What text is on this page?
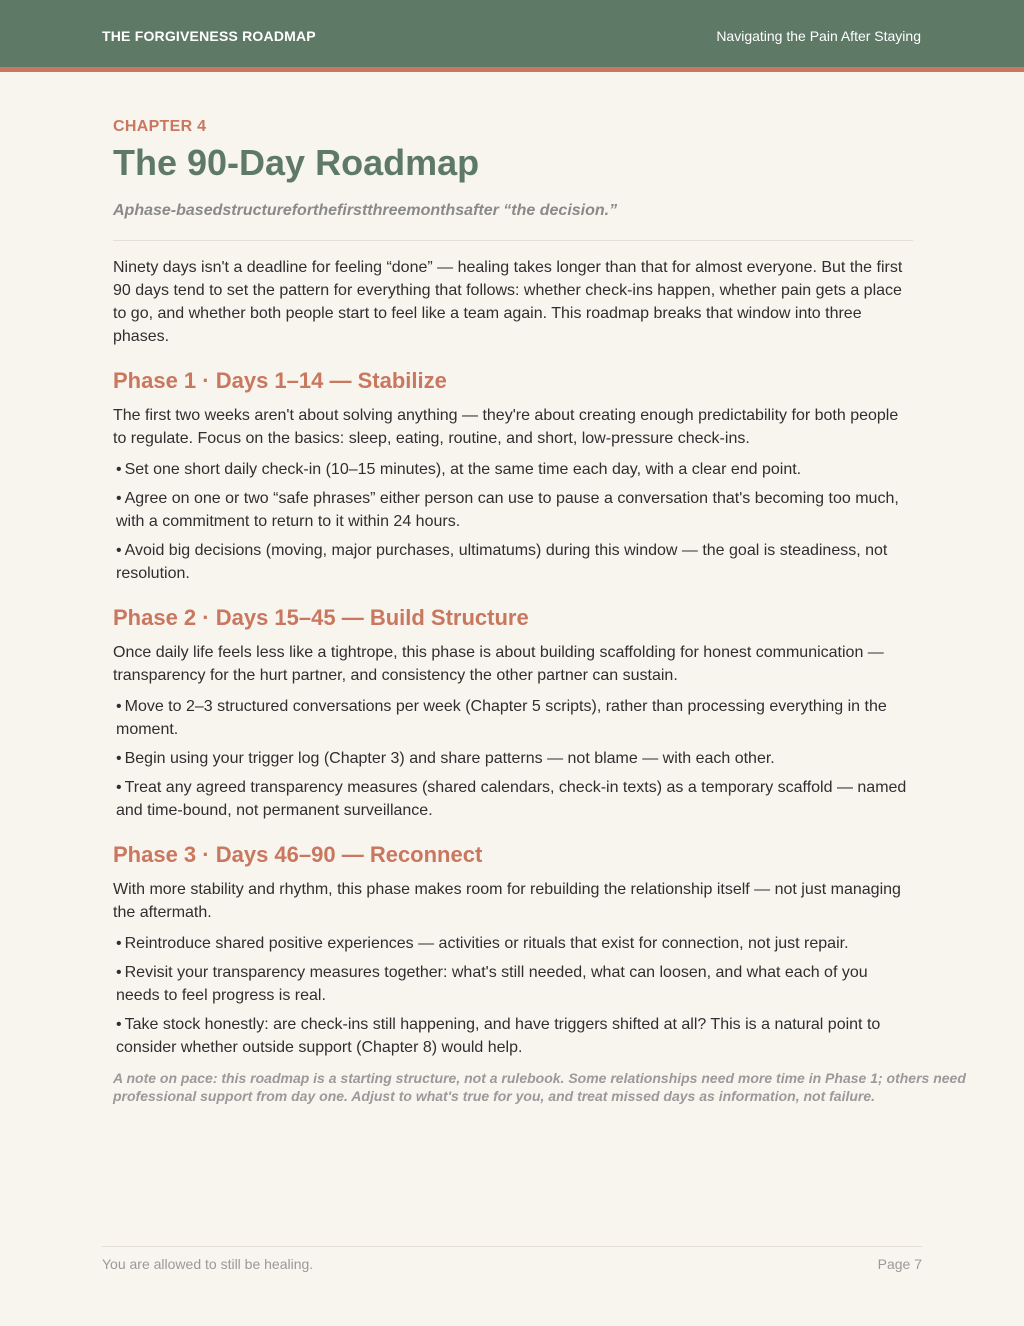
THE FORGIVENESS ROADMAP	Navigating the Pain After Staying
CHAPTER 4
The 90-Day Roadmap
Aphase-basedstructureforthefirstthreemonthsafter “the decision.”

Ninety days isn't a deadline for feeling “done” — healing takes longer than that for almost everyone. But the first 90 days tend to set the pattern for everything that follows: whether check-ins happen, whether pain gets a place to go, and whether both people start to feel like a team again. This roadmap breaks that window into three phases.

Phase 1 · Days 1–14 — Stabilize

The first two weeks aren't about solving anything — they're about creating enough predictability for both people to regulate. Focus on the basics: sleep, eating, routine, and short, low-pressure check-ins.

• Set one short daily check-in (10–15 minutes), at the same time each day, with a clear end point.
• Agree on one or two “safe phrases” either person can use to pause a conversation that's becoming too much, with a commitment to return to it within 24 hours.
• Avoid big decisions (moving, major purchases, ultimatums) during this window — the goal is steadiness, not resolution.
Phase 2 · Days 15–45 — Build Structure

Once daily life feels less like a tightrope, this phase is about building scaffolding for honest communication — transparency for the hurt partner, and consistency the other partner can sustain.

• Move to 2–3 structured conversations per week (Chapter 5 scripts), rather than processing everything in the moment.
• Begin using your trigger log (Chapter 3) and share patterns — not blame — with each other.
• Treat any agreed transparency measures (shared calendars, check-in texts) as a temporary scaffold — named and time-bound, not permanent surveillance.
Phase 3 · Days 46–90 — Reconnect

With more stability and rhythm, this phase makes room for rebuilding the relationship itself — not just managing the aftermath.

• Reintroduce shared positive experiences — activities or rituals that exist for connection, not just repair.
• Revisit your transparency measures together: what's still needed, what can loosen, and what each of you needs to feel progress is real.
• Take stock honestly: are check-ins still happening, and have triggers shifted at all? This is a natural point to consider whether outside support (Chapter 8) would help.
A note on pace: this roadmap is a starting structure, not a rulebook. Some relationships need more time in Phase 1; others need professional support from day one. Adjust to what's true for you, and treat missed days as information, not failure.
You are allowed to still be healing.	Page 7
